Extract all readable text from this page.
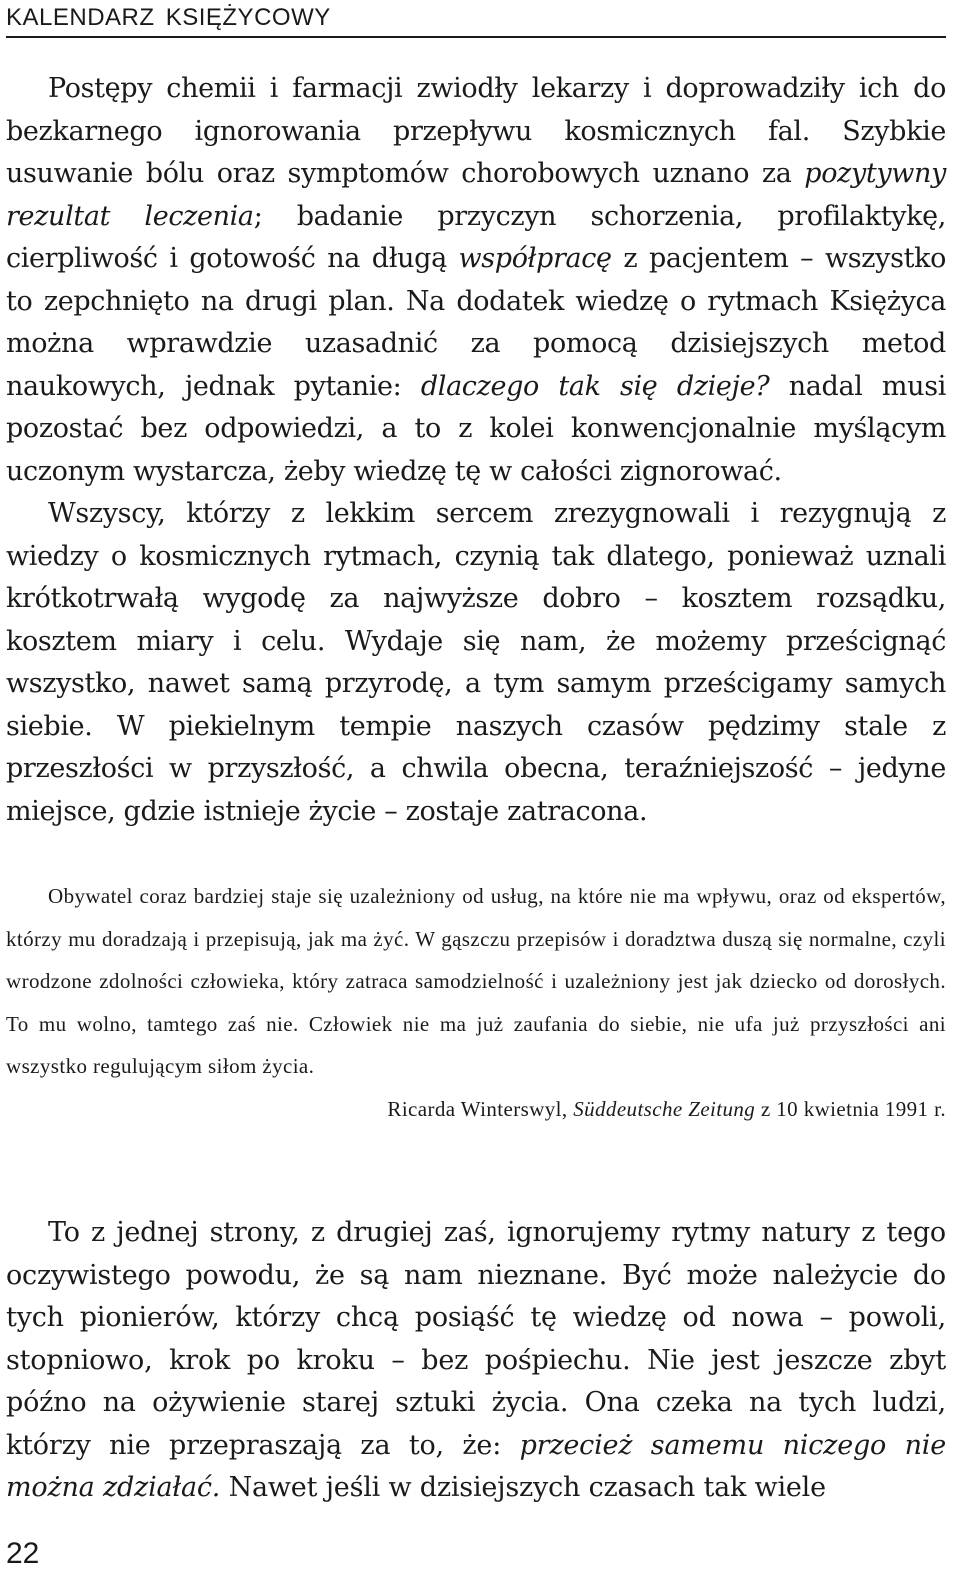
KALENDARZ KSIĘŻYCOWY

Postępy chemii i farmacji zwiodły lekarzy i doprowadziły ich do bezkarnego ignorowania przepływu kosmicznych fal. Szybkie usuwanie bólu oraz symptomów chorobowych uznano za pozytywny rezultat leczenia; badanie przyczyn schorzenia, profilaktykę, cierpliwość i gotowość na długą współpracę z pacjentem – wszystko to zepchnięto na drugi plan. Na dodatek wiedzę o rytmach Księżyca można wprawdzie uzasadnić za pomocą dzisiejszych metod naukowych, jednak pytanie: dlaczego tak się dzieje? nadal musi pozostać bez odpowiedzi, a to z kolei konwencjonalnie myślącym uczonym wystarcza, żeby wiedzę tę w całości zignorować.

Wszyscy, którzy z lekkim sercem zrezygnowali i rezygnują z wiedzy o kosmicznych rytmach, czynią tak dlatego, ponieważ uznali krótkotrwałą wygodę za najwyższe dobro – kosztem rozsądku, kosztem miary i celu. Wydaje się nam, że możemy prześcignąć wszystko, nawet samą przyrodę, a tym samym prześcigamy samych siebie. W piekielnym tempie naszych czasów pędzimy stale z przeszłości w przyszłość, a chwila obecna, teraźniejszość – jedyne miejsce, gdzie istnieje życie – zostaje zatracona.

Obywatel coraz bardziej staje się uzależniony od usług, na które nie ma wpływu, oraz od ekspertów, którzy mu doradzają i przepisują, jak ma żyć. W gąszczu przepisów i doradztwa duszą się normalne, czyli wrodzone zdolności człowieka, który zatraca samodzielność i uzależniony jest jak dziecko od dorosłych. To mu wolno, tamtego zaś nie. Człowiek nie ma już zaufania do siebie, nie ufa już przyszłości ani wszystko regulującym siłom życia.

Ricarda Winterswyl, Süddeutsche Zeitung z 10 kwietnia 1991 r.

To z jednej strony, z drugiej zaś, ignorujemy rytmy natury z tego oczywistego powodu, że są nam nieznane. Być może należycie do tych pionierów, którzy chcą posiąść tę wiedzę od nowa – powoli, stopniowo, krok po kroku – bez pośpiechu. Nie jest jeszcze zbyt późno na ożywienie starej sztuki życia. Ona czeka na tych ludzi, którzy nie przepraszają za to, że: przecież samemu niczego nie można zdziałać. Nawet jeśli w dzisiejszych czasach tak wiele

22
